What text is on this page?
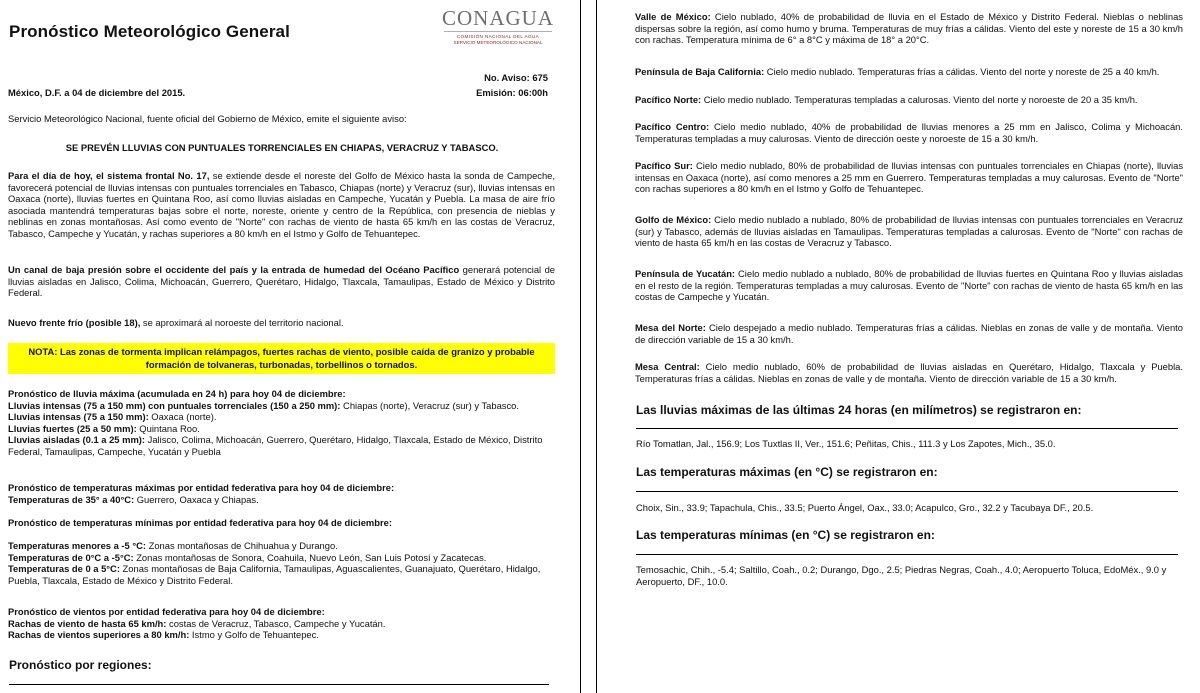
Pronóstico Meteorológico General
CONAGUA
COMISIÓN NACIONAL DEL AGUA
SERVICIO METEOROLÓGICO NACIONAL
No. Aviso: 675
México, D.F. a 04 de diciembre del 2015.	Emisión: 06:00h
Servicio Meteorológico Nacional, fuente oficial del Gobierno de México, emite el siguiente aviso:
SE PREVÉN LLUVIAS CON PUNTUALES TORRENCIALES EN CHIAPAS, VERACRUZ Y TABASCO.
Para el día de hoy, el sistema frontal No. 17, se extiende desde el noreste del Golfo de México hasta la sonda de Campeche, favorecerá potencial de lluvias intensas con puntuales torrenciales en Tabasco, Chiapas (norte) y Veracruz (sur), lluvias intensas en Oaxaca (norte), lluvias fuertes en Quintana Roo, así como lluvias aisladas en Campeche, Yucatán y Puebla. La masa de aire frío asociada mantendrá temperaturas bajas sobre el norte, noreste, oriente y centro de la República, con presencia de nieblas y neblinas en zonas montañosas. Así como evento de "Norte" con rachas de viento de hasta 65 km/h en las costas de Veracruz, Tabasco, Campeche y Yucatán, y rachas superiores a 80 km/h en el Istmo y Golfo de Tehuantepec.
Un canal de baja presión sobre el occidente del país y la entrada de humedad del Océano Pacífico generará potencial de lluvias aisladas en Jalisco, Colima, Michoacán, Guerrero, Querétaro, Hidalgo, Tlaxcala, Tamaulipas, Estado de México y Distrito Federal.
Nuevo frente frío (posible 18), se aproximará al noroeste del territorio nacional.
NOTA: Las zonas de tormenta implican relámpagos, fuertes rachas de viento, posible caída de granizo y probable formación de tolvaneras, turbonadas, torbellinos o tornados.
Pronóstico de lluvia máxima (acumulada en 24 h) para hoy 04 de diciembre:
Lluvias intensas (75 a 150 mm) con puntuales torrenciales (150 a 250 mm): Chiapas (norte), Veracruz (sur) y Tabasco.
Lluvias intensas (75 a 150 mm): Oaxaca (norte).
Lluvias fuertes (25 a 50 mm): Quintana Roo.
Lluvias aisladas (0.1 a 25 mm): Jalisco, Colima, Michoacán, Guerrero, Querétaro, Hidalgo, Tlaxcala, Estado de México, Distrito Federal, Tamaulipas, Campeche, Yucatán y Puebla
Pronóstico de temperaturas máximas por entidad federativa para hoy 04 de diciembre:
Temperaturas de 35° a 40°C: Guerrero, Oaxaca y Chiapas.
Pronóstico de temperaturas mínimas por entidad federativa para hoy 04 de diciembre:
Temperaturas menores a -5 °C: Zonas montañosas de Chihuahua y Durango.
Temperaturas de 0°C a -5°C: Zonas montañosas de Sonora, Coahuila, Nuevo León, San Luis Potosí y Zacatecas.
Temperaturas de 0 a 5°C: Zonas montañosas de Baja California, Tamaulipas, Aguascalientes, Guanajuato, Querétaro, Hidalgo, Puebla, Tlaxcala, Estado de México y Distrito Federal.
Pronóstico de vientos por entidad federativa para hoy 04 de diciembre:
Rachas de viento de hasta 65 km/h: costas de Veracruz, Tabasco, Campeche y Yucatán.
Rachas de vientos superiores a 80 km/h: Istmo y Golfo de Tehuantepec.
Pronóstico por regiones:
Valle de México: Cielo nublado, 40% de probabilidad de lluvia en el Estado de México y Distrito Federal. Nieblas o neblinas dispersas sobre la región, así como humo y bruma. Temperaturas de muy frías a cálidas. Viento del este y noreste de 15 a 30 km/h con rachas. Temperatura mínima de 6° a 8°C y máxima de 18° a 20°C.
Península de Baja California: Cielo medio nublado. Temperaturas frías a cálidas. Viento del norte y noreste de 25 a 40 km/h.
Pacífico Norte: Cielo medio nublado. Temperaturas templadas a calurosas. Viento del norte y noroeste de 20 a 35 km/h.
Pacífico Centro: Cielo medio nublado, 40% de probabilidad de lluvias menores a 25 mm en Jalisco, Colima y Michoacán. Temperaturas templadas a muy calurosas. Viento de dirección oeste y noroeste de 15 a 30 km/h.
Pacífico Sur: Cielo medio nublado, 80% de probabilidad de lluvias intensas con puntuales torrenciales en Chiapas (norte), lluvias intensas en Oaxaca (norte), así como menores a 25 mm en Guerrero. Temperaturas templadas a muy calurosas. Evento de "Norte" con rachas superiores a 80 km/h en el Istmo y Golfo de Tehuantepec.
Golfo de México: Cielo medio nublado a nublado, 80% de probabilidad de lluvias intensas con puntuales torrenciales en Veracruz (sur) y Tabasco, además de lluvias aisladas en Tamaulipas. Temperaturas templadas a calurosas. Evento de "Norte" con rachas de viento de hasta 65 km/h en las costas de Veracruz y Tabasco.
Península de Yucatán: Cielo medio nublado a nublado, 80% de probabilidad de lluvias fuertes en Quintana Roo y lluvias aisladas en el resto de la región. Temperaturas templadas a muy calurosas. Evento de "Norte" con rachas de viento de hasta 65 km/h en las costas de Campeche y Yucatán.
Mesa del Norte: Cielo despejado a medio nublado. Temperaturas frías a cálidas. Nieblas en zonas de valle y de montaña. Viento de dirección variable de 15 a 30 km/h.
Mesa Central: Cielo medio nublado, 60% de probabilidad de lluvias aisladas en Querétaro, Hidalgo, Tlaxcala y Puebla. Temperaturas frías a cálidas. Nieblas en zonas de valle y de montaña. Viento de dirección variable de 15 a 30 km/h.
Las lluvias máximas de las últimas 24 horas (en milímetros) se registraron en:
Río Tomatlan, Jal., 156.9; Los Tuxtlas II, Ver., 151.6; Peñitas, Chis., 111.3 y Los Zapotes, Mich., 35.0.
Las temperaturas máximas (en °C) se registraron en:
Choix, Sin., 33.9; Tapachula, Chis., 33.5; Puerto Ángel, Oax., 33.0; Acapulco, Gro., 32.2 y Tacubaya DF., 20.5.
Las temperaturas mínimas (en °C) se registraron en:
Temosachic, Chih., -5.4; Saltillo, Coah., 0.2; Durango, Dgo., 2.5; Piedras Negras, Coah., 4.0; Aeropuerto Toluca, EdoMéx., 9.0 y Aeropuerto, DF., 10.0.
